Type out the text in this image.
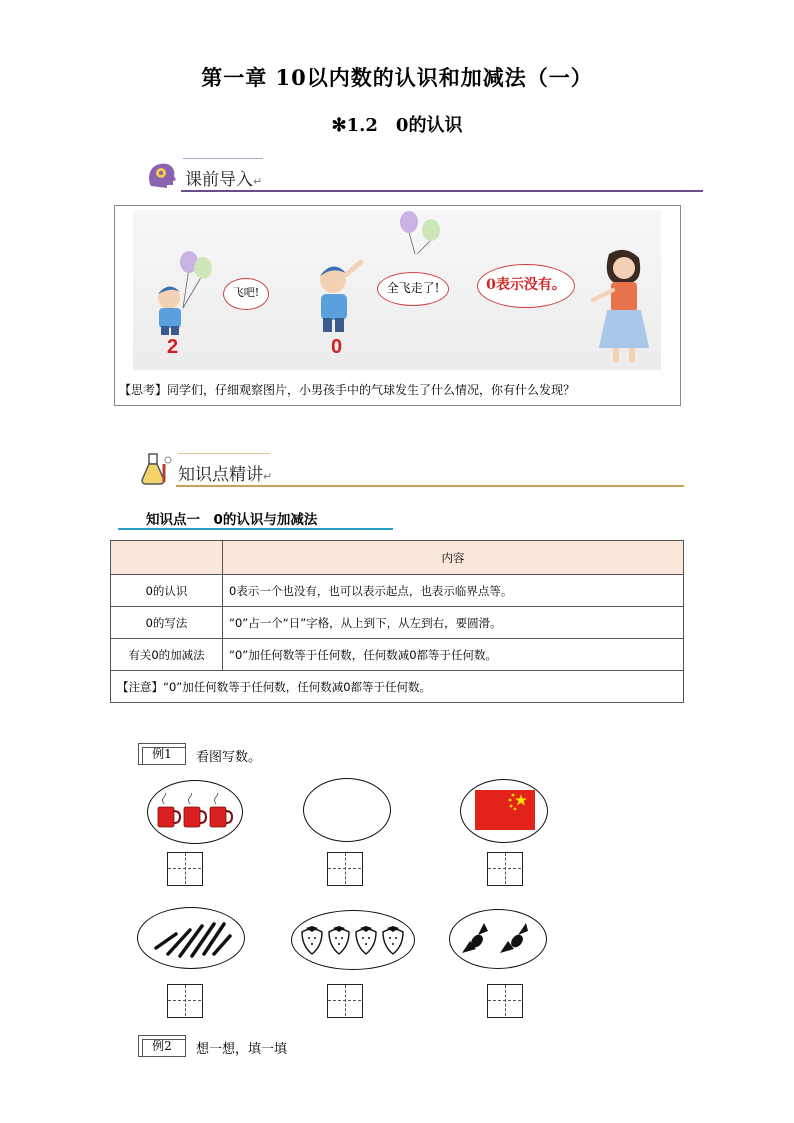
第一章 10以内数的认识和加减法（一）
✻1.2　0的认识
课前导入↵
飞吧!
2
全飞走了!
0
0表示没有。
【思考】同学们，仔细观察图片，小男孩手中的气球发生了什么情况，你有什么发现？
知识点精讲↵
知识点一　0的认识与加减法
	内容
0的认识	0表示一个也没有，也可以表示起点，也表示临界点等。
0的写法	“0”占一个“日”字格，从上到下，从左到右，要圆滑。
有关0的加减法	“0”加任何数等于任何数，任何数减0都等于任何数。
【注意】“0”加任何数等于任何数，任何数减0都等于任何数。	
例1	看图写数。
例2	想一想，填一填
